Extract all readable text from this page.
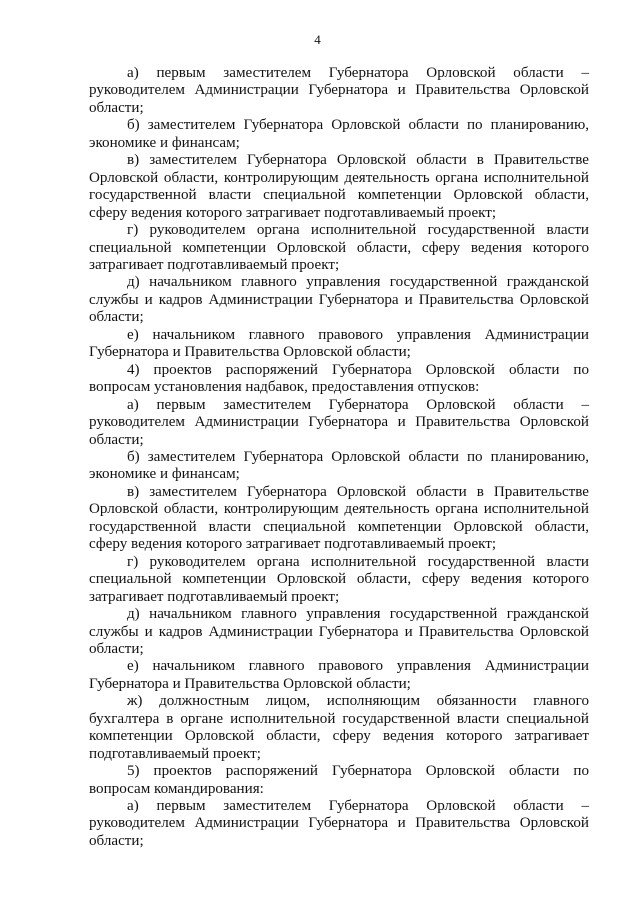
4

а) первым заместителем Губернатора Орловской области – руководителем Администрации Губернатора и Правительства Орловской области;

б) заместителем Губернатора Орловской области по планированию, экономике и финансам;

в) заместителем Губернатора Орловской области в Правительстве Орловской области, контролирующим деятельность органа исполнительной государственной власти специальной компетенции Орловской области, сферу ведения которого затрагивает подготавливаемый проект;

г) руководителем органа исполнительной государственной власти специальной компетенции Орловской области, сферу ведения которого затрагивает подготавливаемый проект;

д) начальником главного управления государственной гражданской службы и кадров Администрации Губернатора и Правительства Орловской области;

е) начальником главного правового управления Администрации Губернатора и Правительства Орловской области;

4) проектов распоряжений Губернатора Орловской области по вопросам установления надбавок, предоставления отпусков:

а) первым заместителем Губернатора Орловской области – руководителем Администрации Губернатора и Правительства Орловской области;

б) заместителем Губернатора Орловской области по планированию, экономике и финансам;

в) заместителем Губернатора Орловской области в Правительстве Орловской области, контролирующим деятельность органа исполнительной государственной власти специальной компетенции Орловской области, сферу ведения которого затрагивает подготавливаемый проект;

г) руководителем органа исполнительной государственной власти специальной компетенции Орловской области, сферу ведения которого затрагивает подготавливаемый проект;

д) начальником главного управления государственной гражданской службы и кадров Администрации Губернатора и Правительства Орловской области;

е) начальником главного правового управления Администрации Губернатора и Правительства Орловской области;

ж) должностным лицом, исполняющим обязанности главного бухгалтера в органе исполнительной государственной власти специальной компетенции Орловской области, сферу ведения которого затрагивает подготавливаемый проект;

5) проектов распоряжений Губернатора Орловской области по вопросам командирования:

а) первым заместителем Губернатора Орловской области – руководителем Администрации Губернатора и Правительства Орловской области;
